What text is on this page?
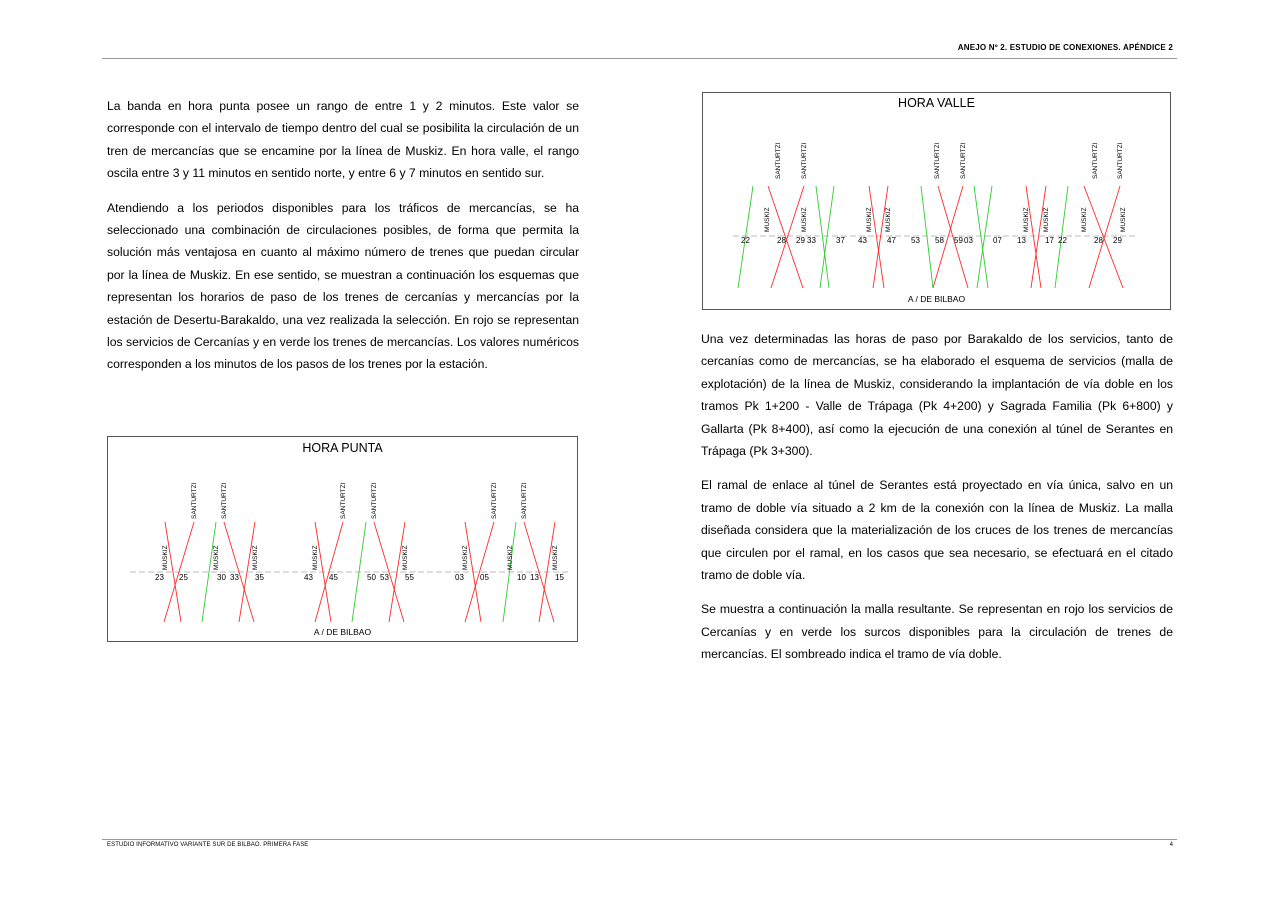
ANEJO Nº 2. ESTUDIO DE CONEXIONES. APÉNDICE 2

La banda en hora punta posee un rango de entre 1 y 2 minutos. Este valor se corresponde con el intervalo de tiempo dentro del cual se posibilita la circulación de un tren de mercancías que se encamine por la línea de Muskiz. En hora valle, el rango oscila entre 3 y 11 minutos en sentido norte, y entre 6 y 7 minutos en sentido sur.

Atendiendo a los periodos disponibles para los tráficos de mercancías, se ha seleccionado una combinación de circulaciones posibles, de forma que permita la solución más ventajosa en cuanto al máximo número de trenes que puedan circular por la línea de Muskiz. En ese sentido, se muestran a continuación los esquemas que representan los horarios de paso de los trenes de cercanías y mercancías por la estación de Desertu-Barakaldo, una vez realizada la selección. En rojo se representan los servicios de Cercanías y en verde los trenes de mercancías. Los valores numéricos corresponden a los minutos de los pasos de los trenes por la estación.

HORA PUNTA
23 25	30 33 35
MUSKIZ
SANTURTZI
MUSKIZ
SANTURTZI
MUSKIZ
43 45	50 53 55
MUSKIZ
SANTURTZI	SANTURTZI
MUSKIZ
03 05	10 13 15
MUSKIZ
SANTURTZI
MUSKIZ
SANTURTZI
MUSKIZ
A / DE BILBAO
HORA VALLE
22	28 29 33	37
MUSKIZ
SANTURTZI	SANTURTZI
MUSKIZ
43	47 53 58 59 03	07
MUSKIZ MUSKIZ
SANTURTZI	SANTURTZI
13 17 22	28 29
MUSKIZ MUSKIZ	MUSKIZ
SANTURTZI	SANTURTZI
MUSKIZ
A / DE BILBAO

Una vez determinadas las horas de paso por Barakaldo de los servicios, tanto de cercanías como de mercancías, se ha elaborado el esquema de servicios (malla de explotación) de la línea de Muskiz, considerando la implantación de vía doble en los tramos Pk 1+200 - Valle de Trápaga (Pk 4+200) y Sagrada Familia (Pk 6+800) y Gallarta (Pk 8+400), así como la ejecución de una conexión al túnel de Serantes en Trápaga (Pk 3+300).

El ramal de enlace al túnel de Serantes está proyectado en vía única, salvo en un tramo de doble vía situado a 2 km de la conexión con la línea de Muskiz. La malla diseñada considera que la materialización de los cruces de los trenes de mercancías que circulen por el ramal, en los casos que sea necesario, se efectuará en el citado tramo de doble vía.

Se muestra a continuación la malla resultante. Se representan en rojo los servicios de Cercanías y en verde los surcos disponibles para la circulación de trenes de mercancías. El sombreado indica el tramo de vía doble.

ESTUDIO INFORMATIVO VARIANTE SUR DE BILBAO. PRIMERA FASE	4
